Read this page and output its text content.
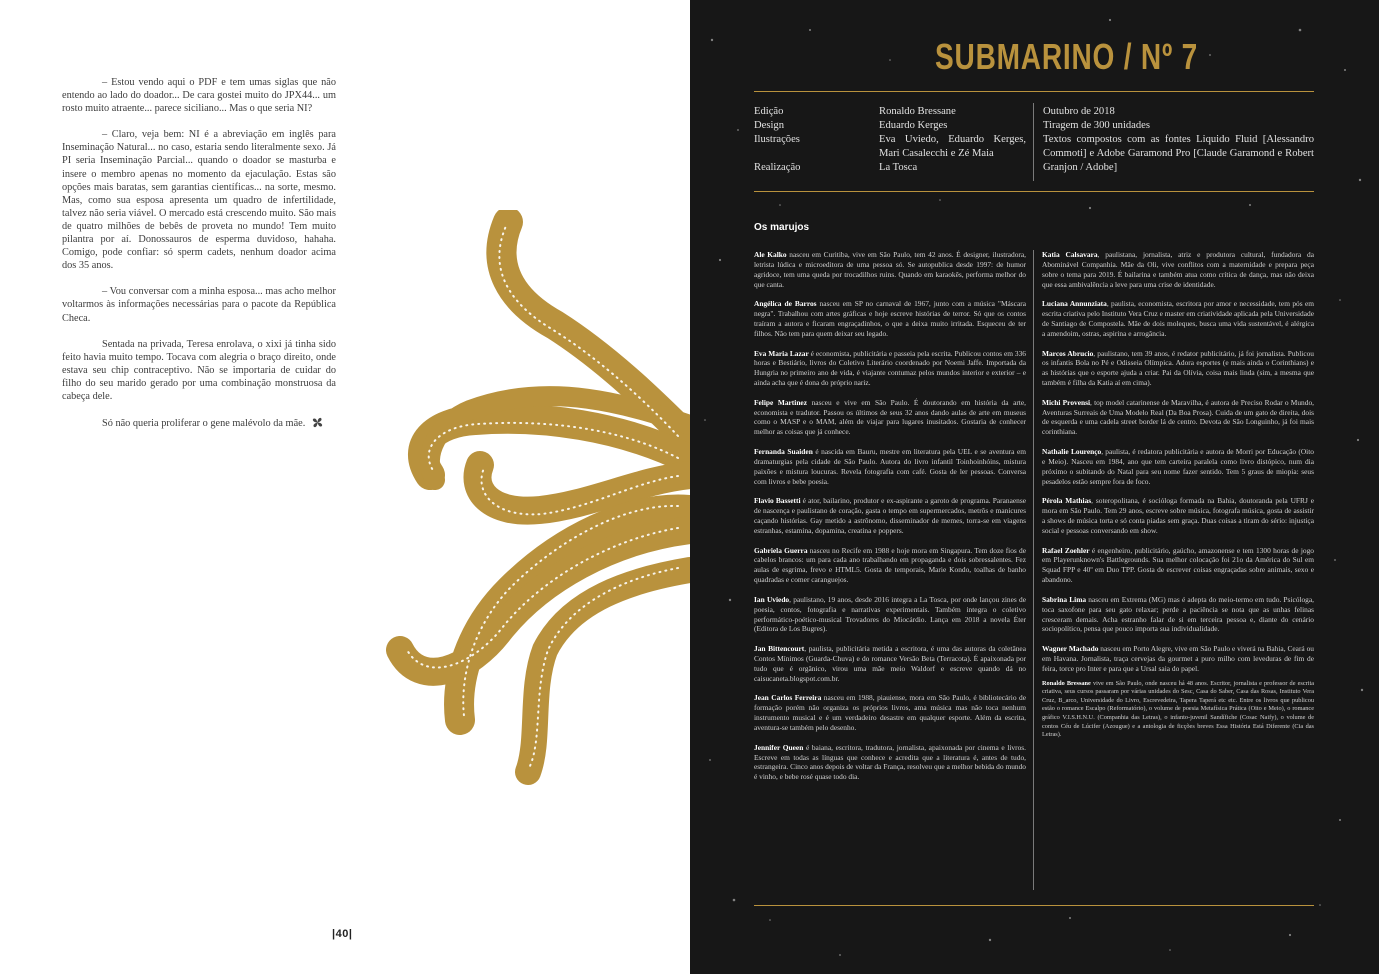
– Estou vendo aqui o PDF e tem umas siglas que não entendo ao lado do doador... De cara gostei muito do JPX44... um rosto muito atraente... parece siciliano... Mas o que seria NI?

– Claro, veja bem: NI é a abreviação em inglês para Inseminação Natural... no caso, estaria sendo literalmente sexo. Já PI seria Inseminação Parcial... quando o doador se masturba e insere o membro apenas no momento da ejaculação. Estas são opções mais baratas, sem garantias científicas... na sorte, mesmo. Mas, como sua esposa apresenta um quadro de infertilidade, talvez não seria viável. O mercado está crescendo muito. São mais de quatro milhões de bebês de proveta no mundo! Tem muito pilantra por aí. Donossauros de esperma duvidoso, hahaha. Comigo, pode confiar: só sperm cadets, nenhum doador acima dos 35 anos.

– Vou conversar com a minha esposa... mas acho melhor voltarmos às informações necessárias para o pacote da República Checa.

Sentada na privada, Teresa enrolava, o xixi já tinha sido feito havia muito tempo. Tocava com alegria o braço direito, onde estava seu chip contraceptivo. Não se importaria de cuidar do filho do seu marido gerado por uma combinação monstruosa da cabeça dele.

Só não queria proliferar o gene malévolo da mãe.

|40|
SUBMARINO / Nº 7
Edição
Design
Ilustrações
Realização
Ronaldo Bressane
Eduardo Kerges
Eva Uviedo, Eduardo Kerges, Mari Casalecchi e Zé Maia
La Tosca
Outubro de 2018
Tiragem de 300 unidades
Textos compostos com as fontes Liquido Fluid [Alessandro Commoti] e Adobe Garamond Pro [Claude Garamond e Robert Granjon / Adobe]
Os marujos
Ale Kalko nasceu em Curitiba, vive em São Paulo, tem 42 anos. É designer, ilustradora, letrista lúdica e microeditora de uma pessoa só. Se autopublica desde 1997: de humor agridoce, tem uma queda por trocadilhos ruins. Quando em karaokês, performa melhor do que canta.
Angélica de Barros nasceu em SP no carnaval de 1967, junto com a música "Máscara negra". Trabalhou com artes gráficas e hoje escreve histórias de terror. Só que os contos traíram a autora e ficaram engraçadinhos, o que a deixa muito irritada. Esqueceu de ter filhos. Não tem para quem deixar seu legado.
Eva Maria Lazar é economista, publicitária e passeia pela escrita. Publicou contos em 336 horas e Bestiário, livros do Coletivo Literário coordenado por Noemi Jaffe. Importada da Hungria no primeiro ano de vida, é viajante contumaz pelos mundos interior e exterior – e ainda acha que é dona do próprio nariz.
Felipe Martinez nasceu e vive em São Paulo. É doutorando em história da arte, economista e tradutor. Passou os últimos de seus 32 anos dando aulas de arte em museus como o MASP e o MAM, além de viajar para lugares inusitados. Gostaria de conhecer melhor as coisas que já conhece.
Fernanda Suaiden é nascida em Bauru, mestre em literatura pela UEL e se aventura em dramaturgias pela cidade de São Paulo. Autora do livro infantil Toinhoinhóins, mistura paixões e mistura loucuras. Revela fotografia com café. Gosta de ler pessoas. Conversa com livros e bebe poesia.
Flavio Bassetti é ator, bailarino, produtor e ex-aspirante a garoto de programa. Paranaense de nascença e paulistano de coração, gasta o tempo em supermercados, metrôs e manicures caçando histórias. Gay metido a astrônomo, disseminador de memes, torra-se em viagens estranhas, estamina, dopamina, creatina e poppers.
Gabriela Guerra nasceu no Recife em 1988 e hoje mora em Singapura. Tem doze fios de cabelos brancos: um para cada ano trabalhando em propaganda e dois sobressalentes. Fez aulas de esgrima, frevo e HTML5. Gosta de temporais, Marie Kondo, toalhas de banho quadradas e comer caranguejos.
Ian Uviedo, paulistano, 19 anos, desde 2016 integra a La Tosca, por onde lançou zines de poesia, contos, fotografia e narrativas experimentais. Também integra o coletivo performático-poético-musical Trovadores do Miocárdio. Lança em 2018 a novela Éter (Editora de Los Bugres).
Jan Bittencourt, paulista, publicitária metida a escritora, é uma das autoras da coletânea Contos Mínimos (Guarda-Chuva) e do romance Versão Beta (Terracota). É apaixonada por tudo que é orgânico, virou uma mãe meio Waldorf e escreve quando dá no caisucaneta.blogspot.com.br.
Jean Carlos Ferreira nasceu em 1988, piauiense, mora em São Paulo, é bibliotecário de formação porém não organiza os próprios livros, ama música mas não toca nenhum instrumento musical e é um verdadeiro desastre em qualquer esporte. Além da escrita, aventura-se também pelo desenho.
Jennifer Queen é baiana, escritora, tradutora, jornalista, apaixonada por cinema e livros. Escreve em todas as línguas que conhece e acredita que a literatura é, antes de tudo, estrangeira. Cinco anos depois de voltar da França, resolveu que a melhor bebida do mundo é vinho, e bebe rosé quase todo dia.
Katia Calsavara, paulistana, jornalista, atriz e produtora cultural, fundadora da Abominável Companhia. Mãe da Oli, vive conflitos com a maternidade e prepara peça sobre o tema para 2019. É bailarina e também atua como crítica de dança, mas não deixa que essa ambivalência a leve para uma crise de identidade.
Luciana Annunziata, paulista, economista, escritora por amor e necessidade, tem pós em escrita criativa pelo Instituto Vera Cruz e master em criatividade aplicada pela Universidade de Santiago de Compostela. Mãe de dois moleques, busca uma vida sustentável, é alérgica a amendoim, ostras, aspirina e arrogância.
Marcos Abrucio, paulistano, tem 39 anos, é redator publicitário, já foi jornalista. Publicou os infantis Bola no Pé e Odisseia Olímpica. Adora esportes (e mais ainda o Corinthians) e as histórias que o esporte ajuda a criar. Pai da Olívia, coisa mais linda (sim, a mesma que também é filha da Katia aí em cima).
Michi Provensi, top model catarinense de Maravilha, é autora de Preciso Rodar o Mundo, Aventuras Surreais de Uma Modelo Real (Da Boa Prosa). Cuida de um gato de direita, dois de esquerda e uma cadela street border lá de centro. Devota de São Longuinho, já foi mais corinthiana.
Nathalie Lourenço, paulista, é redatora publicitária e autora de Morri por Educação (Oito e Meio). Nasceu em 1984, ano que tem carteira paralela como livro distópico, num dia próximo o subitando do Natal para seu nome fazer sentido. Tem 5 graus de miopia: seus pesadelos estão sempre fora de foco.
Pérola Mathias, soteropolitana, é socióloga formada na Bahia, doutoranda pela UFRJ e mora em São Paulo. Tem 29 anos, escreve sobre música, fotografa música, gosta de assistir a shows de música torta e só conta piadas sem graça. Duas coisas a tiram do sério: injustiça social e pessoas conversando em show.
Rafael Zoehler é engenheiro, publicitário, gaúcho, amazonense e tem 1300 horas de jogo em Playerunknown's Battlegrounds. Sua melhor colocação foi 21o da América do Sul em Squad FPP e 40º em Duo TPP. Gosta de escrever coisas engraçadas sobre animais, sexo e abandono.
Sabrina Lima nasceu em Extrema (MG) mas é adepta do meio-termo em tudo. Psicóloga, toca saxofone para seu gato relaxar; perde a paciência se nota que as unhas felinas cresceram demais. Acha estranho falar de si em terceira pessoa e, diante do cenário sociopolítico, pensa que pouco importa sua individualidade.
Wagner Machado nasceu em Porto Alegre, vive em São Paulo e viverá na Bahia, Ceará ou em Havana. Jornalista, traça cervejas da gourmet a puro milho com leveduras de fim de feira, torce pro Inter e para que a Ursal saia do papel.
Ronaldo Bressane vive em São Paulo, onde nasceu há 48 anos. Escritor, jornalista e professor de escrita criativa, seus cursos passaram por várias unidades do Sesc, Casa do Saber, Casa das Rosas, Instituto Vera Cruz, B_arco, Universidade do Livro, Escrevedeira, Tapera Taperá etc etc. Entre os livros que publicou estão o romance Escalpo (Reformatório), o volume de poesia Metafísica Prática (Oito e Meio), o romance gráfico V.I.S.H.N.U. (Companhia das Letras), o infanto-juvenil Sandífiche (Cosac Naify), o volume de contos Céu de Lúcifer (Azougue) e a antologia de ficções breves Essa História Está Diferente (Cia das Letras).
